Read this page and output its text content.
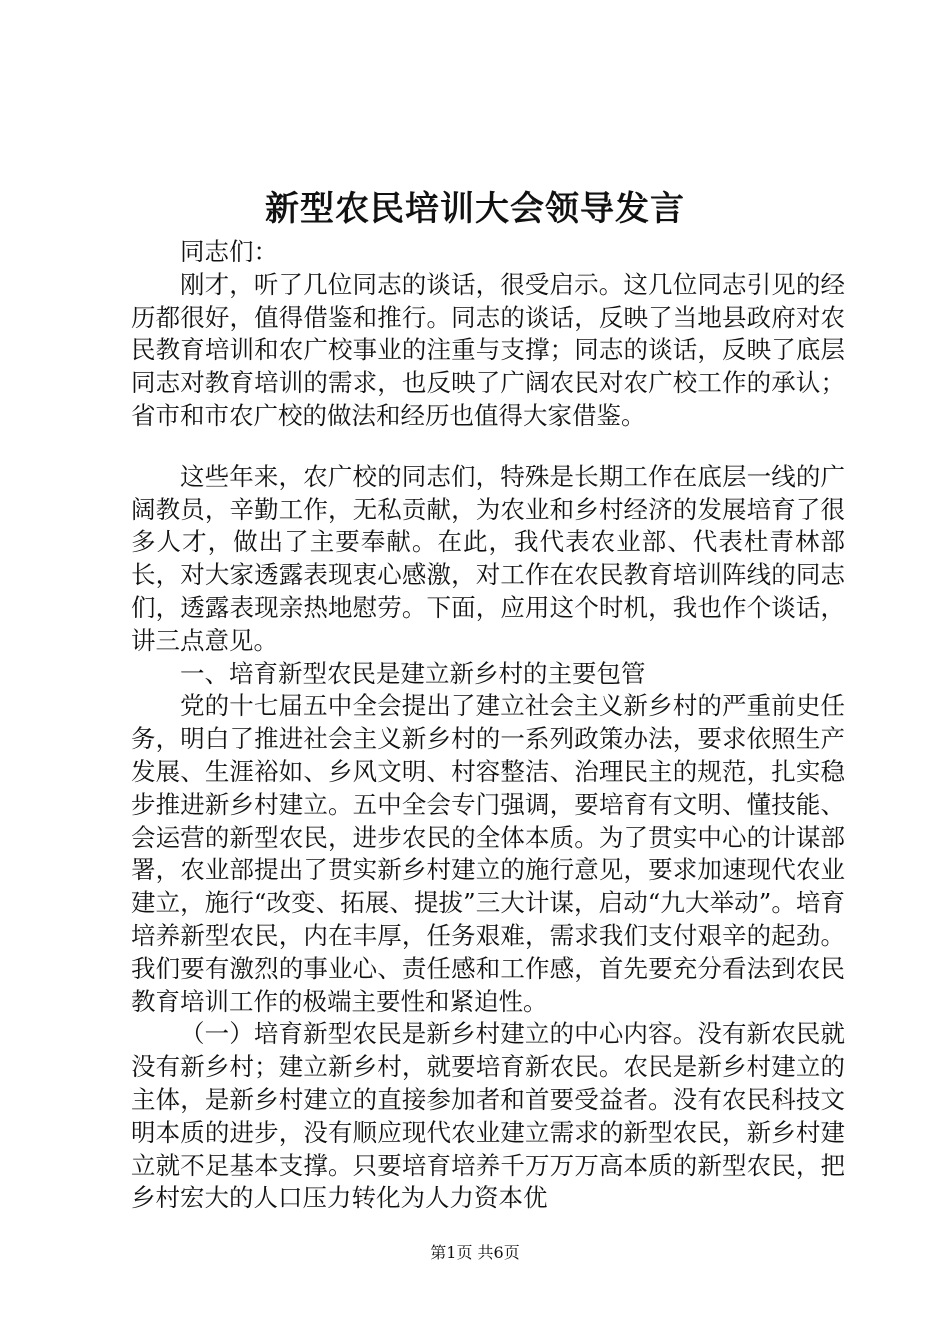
新型农民培训大会领导发言

同志们：

刚才，听了几位同志的谈话，很受启示。这几位同志引见的经历都很好，值得借鉴和推行。同志的谈话，反映了当地县政府对农民教育培训和农广校事业的注重与支撑；同志的谈话，反映了底层同志对教育培训的需求，也反映了广阔农民对农广校工作的承认；省市和市农广校的做法和经历也值得大家借鉴。

这些年来，农广校的同志们，特殊是长期工作在底层一线的广阔教员，辛勤工作，无私贡献，为农业和乡村经济的发展培育了很多人才，做出了主要奉献。在此，我代表农业部、代表杜青林部长，对大家透露表现衷心感激，对工作在农民教育培训阵线的同志们，透露表现亲热地慰劳。下面，应用这个时机，我也作个谈话，讲三点意见。

一、培育新型农民是建立新乡村的主要包管

党的十七届五中全会提出了建立社会主义新乡村的严重前史任务，明白了推进社会主义新乡村的一系列政策办法，要求依照生产发展、生涯裕如、乡风文明、村容整洁、治理民主的规范，扎实稳步推进新乡村建立。五中全会专门强调，要培育有文明、懂技能、会运营的新型农民，进步农民的全体本质。为了贯实中心的计谋部署，农业部提出了贯实新乡村建立的施行意见，要求加速现代农业建立，施行“改变、拓展、提拔”三大计谋，启动“九大举动”。培育培养新型农民，内在丰厚，任务艰难，需求我们支付艰辛的起劲。我们要有激烈的事业心、责任感和工作感，首先要充分看法到农民教育培训工作的极端主要性和紧迫性。

（一）培育新型农民是新乡村建立的中心内容。没有新农民就没有新乡村；建立新乡村，就要培育新农民。农民是新乡村建立的主体，是新乡村建立的直接参加者和首要受益者。没有农民科技文明本质的进步，没有顺应现代农业建立需求的新型农民，新乡村建立就不足基本支撑。只要培育培养千万万万高本质的新型农民，把乡村宏大的人口压力转化为人力资本优

第1页 共6页
